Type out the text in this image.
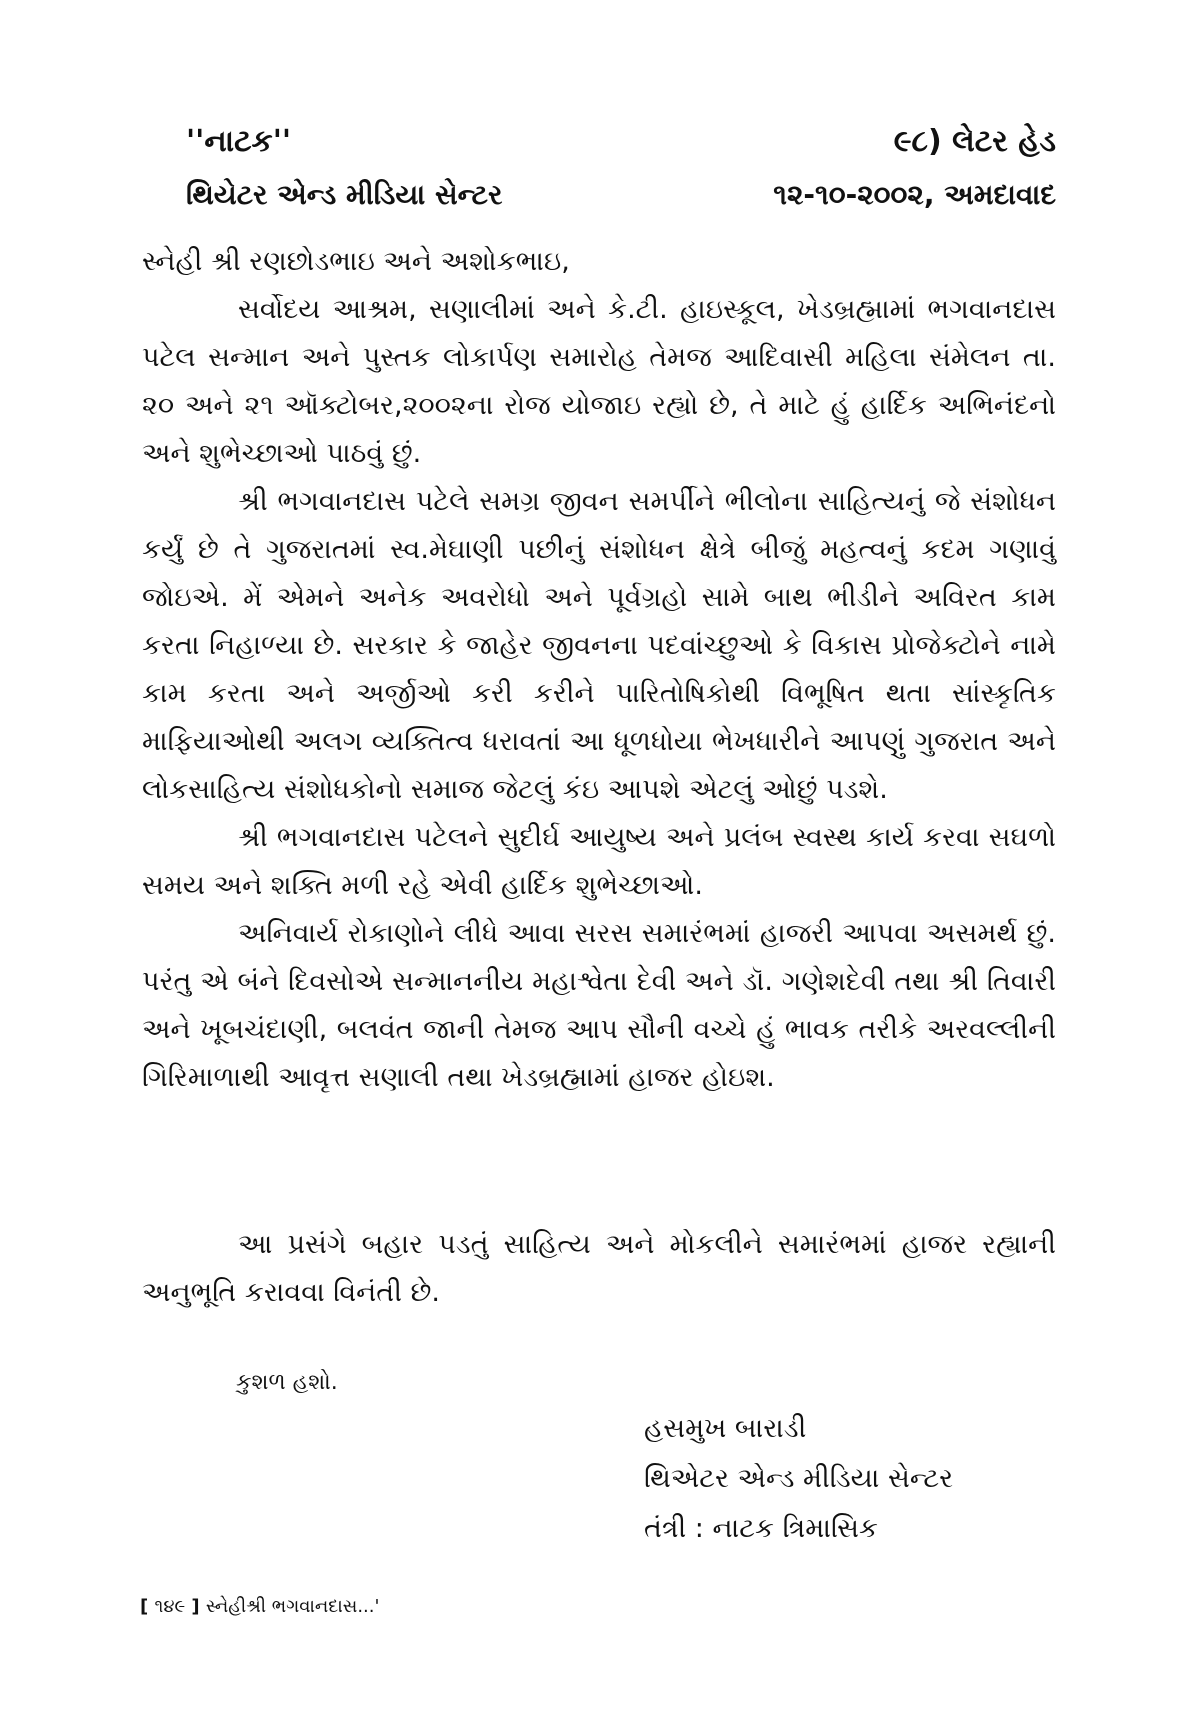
''નાટક''	૯૮) લેટર હેડ
થિયેટર એન્ડ મીડિયા સેન્ટર	૧૨-૧૦-૨૦૦૨, અમદાવાદ
સ્નેહી શ્રી રણછોડભાઇ અને અશોકભાઇ,

સર્વોદય આશ્રમ, સણાલીમાં અને કે.ટી. હાઇસ્કૂલ, ખેડબ્રહ્મામાં ભગવાનદાસ પટેલ સન્માન અને પુસ્તક લોકાર્પણ સમારોહ તેમજ આદિવાસી મહિલા સંમેલન તા. ૨૦ અને ૨૧ ઑક્ટોબર,૨૦૦૨ના રોજ યોજાઇ રહ્યો છે, તે માટે હું હાર્દિક અભિનંદનો અને શુભેચ્છાઓ પાઠવું છું.

શ્રી ભગવાનદાસ પટેલે સમગ્ર જીવન સમર્પીને ભીલોના સાહિત્યનું જે સંશોધન કર્યું છે તે ગુજરાતમાં સ્વ.મેઘાણી પછીનું સંશોધન ક્ષેત્રે બીજું મહત્વનું કદમ ગણાવું જોઇએ. મેં એમને અનેક અવરોધો અને પૂર્વગ્રહો સામે બાથ ભીડીને અવિરત કામ કરતા નિહાળ્યા છે. સરકાર કે જાહેર જીવનના પદવાંચ્છુઓ કે વિકાસ પ્રોજેક્ટોને નામે કામ કરતા અને અર્જીઓ કરી કરીને પારિતોષિકોથી વિભૂષિત થતા સાંસ્કૃતિક માફિયાઓથી અલગ વ્યક્તિત્વ ધરાવતાં આ ધૂળધોયા ભેખધારીને આપણું ગુજરાત અને લોકસાહિત્ય સંશોધકોનો સમાજ જેટલું કંઇ આપશે એટલું ઓછું પડશે.

શ્રી ભગવાનદાસ પટેલને સુદીર્ઘ આયુષ્ય અને પ્રલંબ સ્વસ્થ કાર્ય કરવા સઘળો સમય અને શક્તિ મળી રહે એવી હાર્દિક શુભેચ્છાઓ.

અનિવાર્ય રોકાણોને લીધે આવા સરસ સમારંભમાં હાજરી આપવા અસમર્થ છું. પરંતુ એ બંને દિવસોએ સન્માનનીય મહાશ્વેતા દેવી અને ડૉ. ગણેશદેવી તથા શ્રી તિવારી અને ખૂબચંદાણી, બલવંત જાની તેમજ આપ સૌની વચ્ચે હું ભાવક તરીકે અરવલ્લીની ગિરિમાળાથી આવૃત્ત સણાલી તથા ખેડબ્રહ્મામાં હાજર હોઇશ.

આ પ્રસંગે બહાર પડતું સાહિત્ય અને મોકલીને સમારંભમાં હાજર રહ્યાની અનુભૂતિ કરાવવા વિનંતી છે.

કુશળ હશો.
હસમુખ બારાડી
થિએટર એન્ડ મીડિયા સેન્ટર
તંત્રી : નાટક ત્રિમાસિક
[ ૧૪૯ ] સ્નેહીશ્રી ભગવાનદાસ...'
